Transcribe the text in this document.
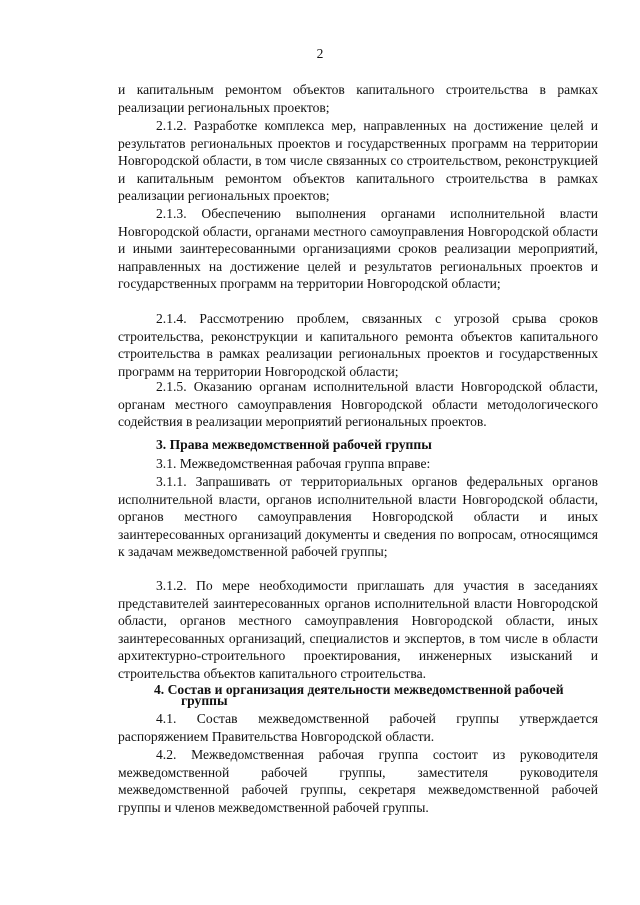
2

и капитальным ремонтом объектов капитального строительства в рамках реализации региональных проектов;

2.1.2. Разработке комплекса мер, направленных на достижение целей и результатов региональных проектов и государственных программ на территории Новгородской области, в том числе связанных со строительством, реконструкцией и капитальным ремонтом объектов капитального строительства в рамках реализации региональных проектов;

2.1.3. Обеспечению выполнения органами исполнительной власти Новгородской области, органами местного самоуправления Новгородской области и иными заинтересованными организациями сроков реализации мероприятий, направленных на достижение целей и результатов региональных проектов и государственных программ на территории Новгородской области;

2.1.4. Рассмотрению проблем, связанных с угрозой срыва сроков строительства, реконструкции и капитального ремонта объектов капитального строительства в рамках реализации региональных проектов и государственных программ на территории Новгородской области;

2.1.5. Оказанию органам исполнительной власти Новгородской области, органам местного самоуправления Новгородской области методологического содействия в реализации мероприятий региональных проектов.

3. Права межведомственной рабочей группы

3.1. Межведомственная рабочая группа вправе:

3.1.1. Запрашивать от территориальных органов федеральных органов исполнительной власти, органов исполнительной власти Новгородской области, органов местного самоуправления Новгородской области и иных заинтересованных организаций документы и сведения по вопросам, относящимся к задачам межведомственной рабочей группы;

3.1.2. По мере необходимости приглашать для участия в заседаниях представителей заинтересованных органов исполнительной власти Новгородской области, органов местного самоуправления Новгородской области, иных заинтересованных организаций, специалистов и экспертов, в том числе в области архитектурно-строительного проектирования, инженерных изысканий и строительства объектов капитального строительства.

4. Состав и организация деятельности межведомственной рабочей

группы

4.1. Состав межведомственной рабочей группы утверждается распоряжением Правительства Новгородской области.

4.2. Межведомственная рабочая группа состоит из руководителя межведомственной рабочей группы, заместителя руководителя межведомственной рабочей группы, секретаря межведомственной рабочей группы и членов межведомственной рабочей группы.
